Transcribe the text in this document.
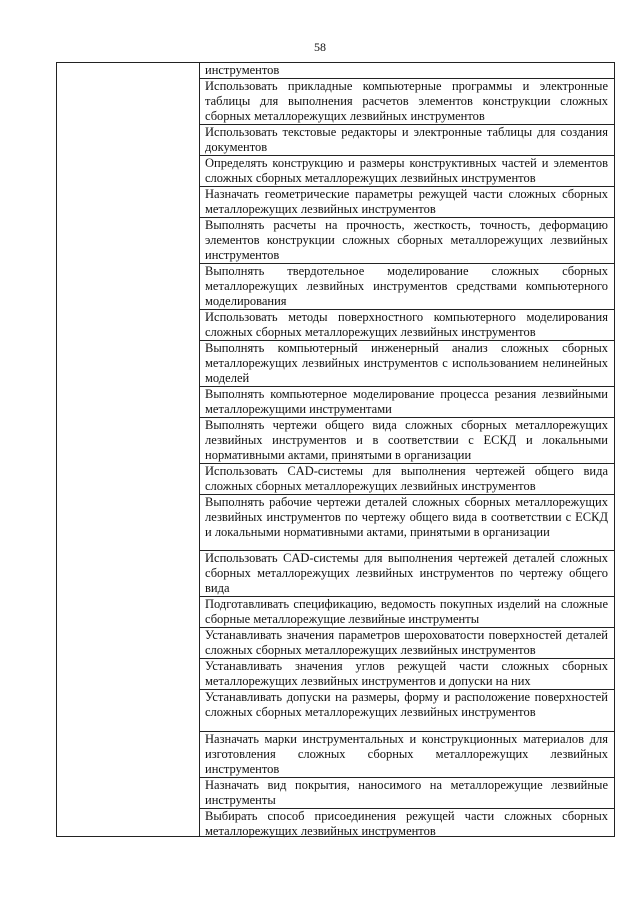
58
инструментов
Использовать прикладные компьютерные программы и электронные таблицы для выполнения расчетов элементов конструкции сложных сборных металлорежущих лезвийных инструментов
Использовать текстовые редакторы и электронные таблицы для создания документов
Определять конструкцию и размеры конструктивных частей и элементов сложных сборных металлорежущих лезвийных инструментов
Назначать геометрические параметры режущей части сложных сборных металлорежущих лезвийных инструментов
Выполнять расчеты на прочность, жесткость, точность, деформацию элементов конструкции сложных сборных металлорежущих лезвийных инструментов
Выполнять твердотельное моделирование сложных сборных металлорежущих лезвийных инструментов средствами компьютерного моделирования
Использовать методы поверхностного компьютерного моделирования сложных сборных металлорежущих лезвийных инструментов
Выполнять компьютерный инженерный анализ сложных сборных металлорежущих лезвийных инструментов с использованием нелинейных моделей
Выполнять компьютерное моделирование процесса резания лезвийными металлорежущими инструментами
Выполнять чертежи общего вида сложных сборных металлорежущих лезвийных инструментов и в соответствии с ЕСКД и локальными нормативными актами, принятыми в организации
Использовать CAD-системы для выполнения чертежей общего вида сложных сборных металлорежущих лезвийных инструментов
Выполнять рабочие чертежи деталей сложных сборных металлорежущих лезвийных инструментов по чертежу общего вида в соответствии с ЕСКД и локальными нормативными актами, принятыми в организации
Использовать CAD-системы для выполнения чертежей деталей сложных сборных металлорежущих лезвийных инструментов по чертежу общего вида
Подготавливать спецификацию, ведомость покупных изделий на сложные сборные металлорежущие лезвийные инструменты
Устанавливать значения параметров шероховатости поверхностей деталей сложных сборных металлорежущих лезвийных инструментов
Устанавливать значения углов режущей части сложных сборных металлорежущих лезвийных инструментов и допуски на них
Устанавливать допуски на размеры, форму и расположение поверхностей сложных сборных металлорежущих лезвийных инструментов
Назначать марки инструментальных и конструкционных материалов для изготовления сложных сборных металлорежущих лезвийных инструментов
Назначать вид покрытия, наносимого на металлорежущие лезвийные инструменты
Выбирать способ присоединения режущей части сложных сборных металлорежущих лезвийных инструментов
